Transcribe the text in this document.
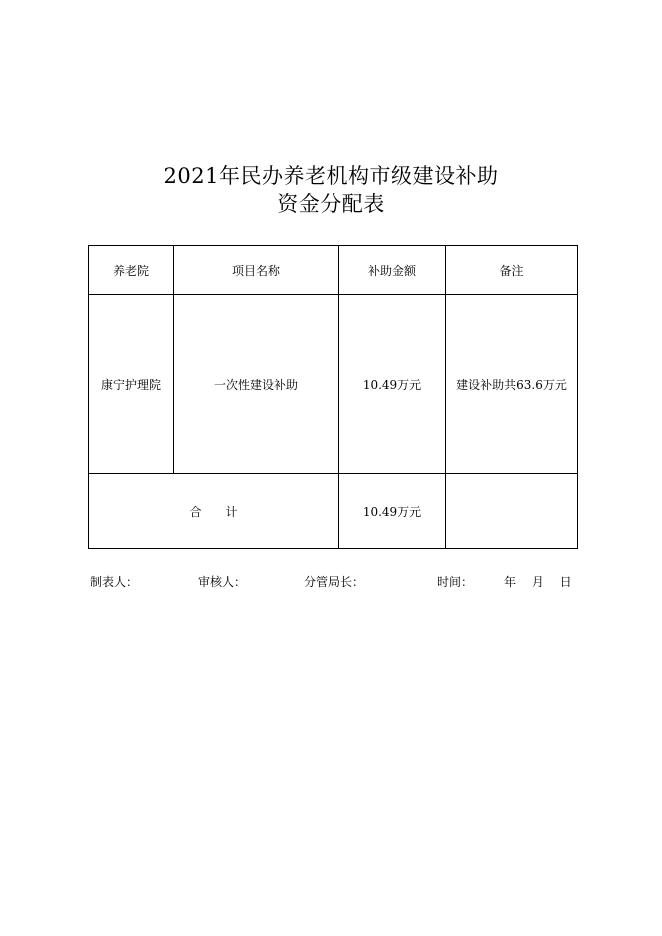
2021年民办养老机构市级建设补助
资金分配表
养老院	项目名称	补助金额	备注
康宁护理院	一次性建设补助	10.49万元	建设补助共63.6万元
合　　计		10.49万元	
制表人：	审核人：	分管局长：	时间：	年　 月　 日
